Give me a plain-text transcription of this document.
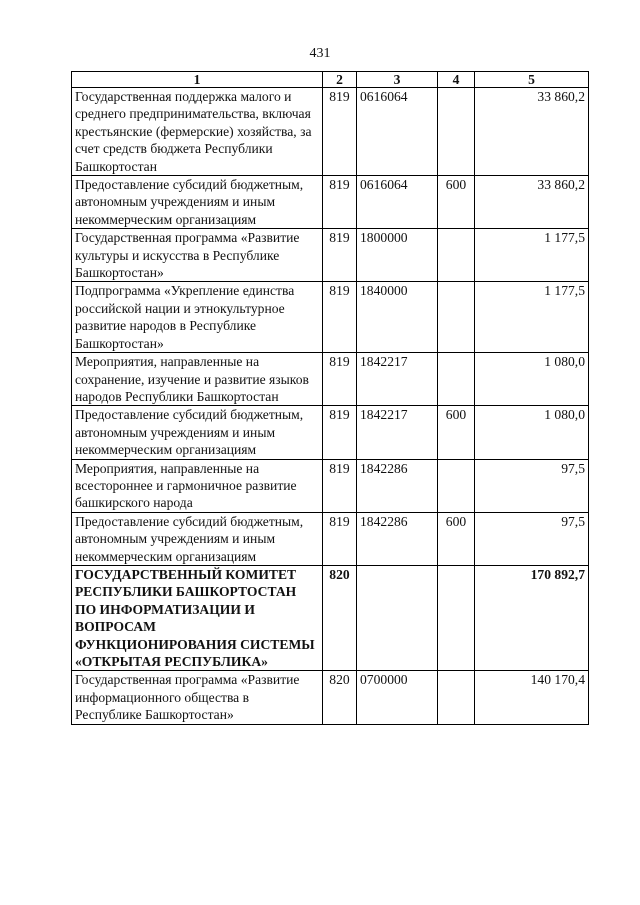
431
1	2	3	4	5
Государственная поддержка малого и среднего предпринимательства, включая крестьянские (фермерские) хозяйства, за счет средств бюджета Республики Башкортостан	819	0616064		33 860,2
Предоставление субсидий бюджетным, автономным учреждениям и иным некоммерческим организациям	819	0616064	600	33 860,2
Государственная программа «Развитие культуры и искусства в Республике Башкортостан»	819	1800000		1 177,5
Подпрограмма «Укрепление единства российской нации и этнокультурное развитие народов в Республике Башкортостан»	819	1840000		1 177,5
Мероприятия, направленные на сохранение, изучение и развитие языков народов Республики Башкортостан	819	1842217		1 080,0
Предоставление субсидий бюджетным, автономным учреждениям и иным некоммерческим организациям	819	1842217	600	1 080,0
Мероприятия, направленные на всестороннее и гармоничное развитие башкирского народа	819	1842286		97,5
Предоставление субсидий бюджетным, автономным учреждениям и иным некоммерческим организациям	819	1842286	600	97,5
ГОСУДАРСТВЕННЫЙ КОМИТЕТ РЕСПУБЛИКИ БАШКОРТОСТАН ПО ИНФОРМАТИЗАЦИИ И ВОПРОСАМ ФУНКЦИОНИРОВАНИЯ СИСТЕМЫ «ОТКРЫТАЯ РЕСПУБЛИКА»	820			170 892,7
Государственная программа «Развитие информационного общества в Республике Башкортостан»	820	0700000		140 170,4
